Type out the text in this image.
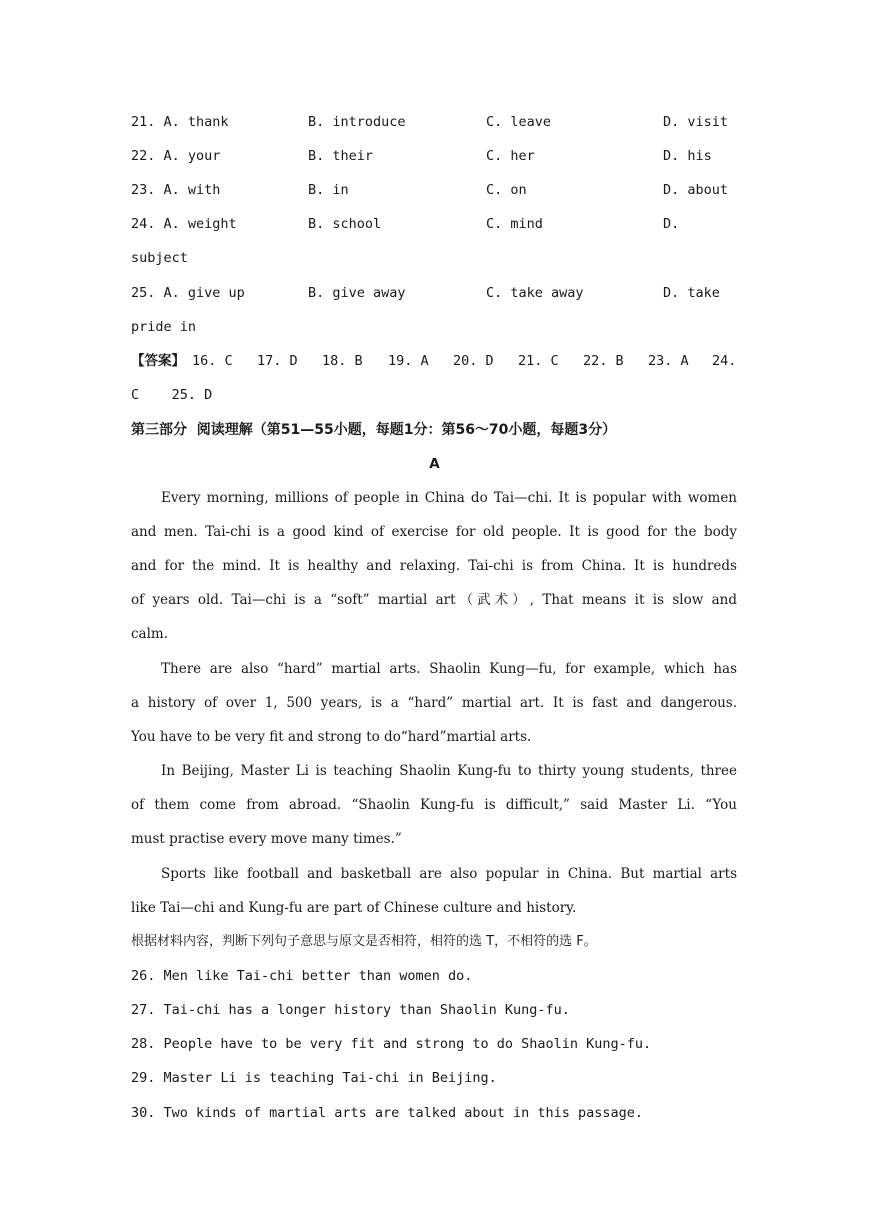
21. A. thank	B. introduce	C. leave	D. visit
22. A. your	B. their	C. her	D. his
23. A. with	B. in	C. on	D. about
24. A. weight	B. school	C. mind	D.
subject
25. A. give up	B. give away	C. take away	D. take
pride in
【答案】 16. C 17. D 18. B 19. A 20. D 21. C 22. B 23. A 24.
C    25. D
第三部分  阅读理解（第51—55小题，每题1分：第56～70小题，每题3分）
A
Every morning, millions of people in China do Tai—chi. It is popular with women
and men. Tai-chi is a good kind of exercise for old people. It is good for the body
and for the mind. It is healthy and relaxing. Tai-chi is from China. It is hundreds
of years old. Tai—chi is a “soft” martial art（武术）, That means it is slow and
calm.
There are also “hard” martial arts. Shaolin Kung—fu, for example, which has
a history of over 1, 500 years, is a “hard” martial art. It is fast and dangerous.
You have to be very fit and strong to do“hard”martial arts.
In Beijing, Master Li is teaching Shaolin Kung-fu to thirty young students, three
of them come from abroad. “Shaolin Kung-fu is difficult,” said Master Li. “You
must practise every move many times.”
Sports like football and basketball are also popular in China. But martial arts
like Tai—chi and Kung-fu are part of Chinese culture and history.
根据材料内容，判断下列句子意思与原文是否相符，相符的选 T，不相符的选 F。
26. Men like Tai-chi better than women do.
27. Tai-chi has a longer history than Shaolin Kung-fu.
28. People have to be very fit and strong to do Shaolin Kung-fu.
29. Master Li is teaching Tai-chi in Beijing.
30. Two kinds of martial arts are talked about in this passage.
